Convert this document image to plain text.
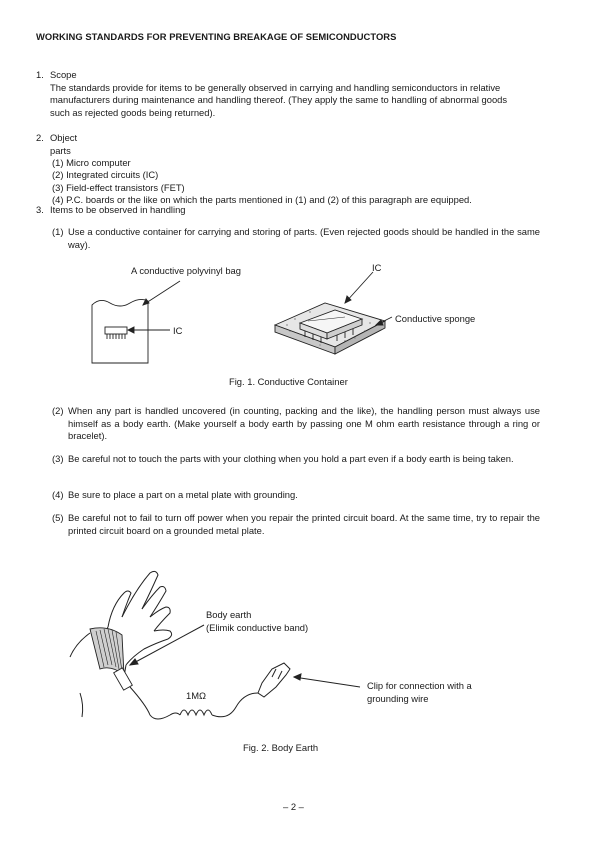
WORKING STANDARDS FOR PREVENTING BREAKAGE OF SEMICONDUCTORS
1. Scope
The standards provide for items to be generally observed in carrying and handling semiconductors in relative
manufacturers during maintenance and handling thereof. (They apply the same to handling of abnormal goods
such as rejected goods being returned).
2. Object parts

(1) Micro computer
(2) Integrated circuits (IC)
(3) Field-effect transistors (FET)
(4) P.C. boards or the like on which the parts mentioned in (1) and (2) of this paragraph are equipped.
3. Items to be observed in handling
(1) Use a conductive container for carrying and storing of parts. (Even rejected goods should be handled in the same way).
A conductive polyvinyl bag	IC
IC
Conductive sponge
Fig. 1. Conductive Container
(2) When any part is handled uncovered (in counting, packing and the like), the handling person must always use himself as a body earth. (Make yourself a body earth by passing one M ohm earth resistance through a ring or bracelet).
(3) Be careful not to touch the parts with your clothing when you hold a part even if a body earth is being taken.
(4) Be sure to place a part on a metal plate with grounding.
(5) Be careful not to fail to turn off power when you repair the printed circuit board. At the same time, try to repair the printed circuit board on a grounded metal plate.
Body earth
(Elimik conductive band)
1MΩ
Clip for connection with a
grounding wire
Fig. 2. Body Earth
– 2 –
